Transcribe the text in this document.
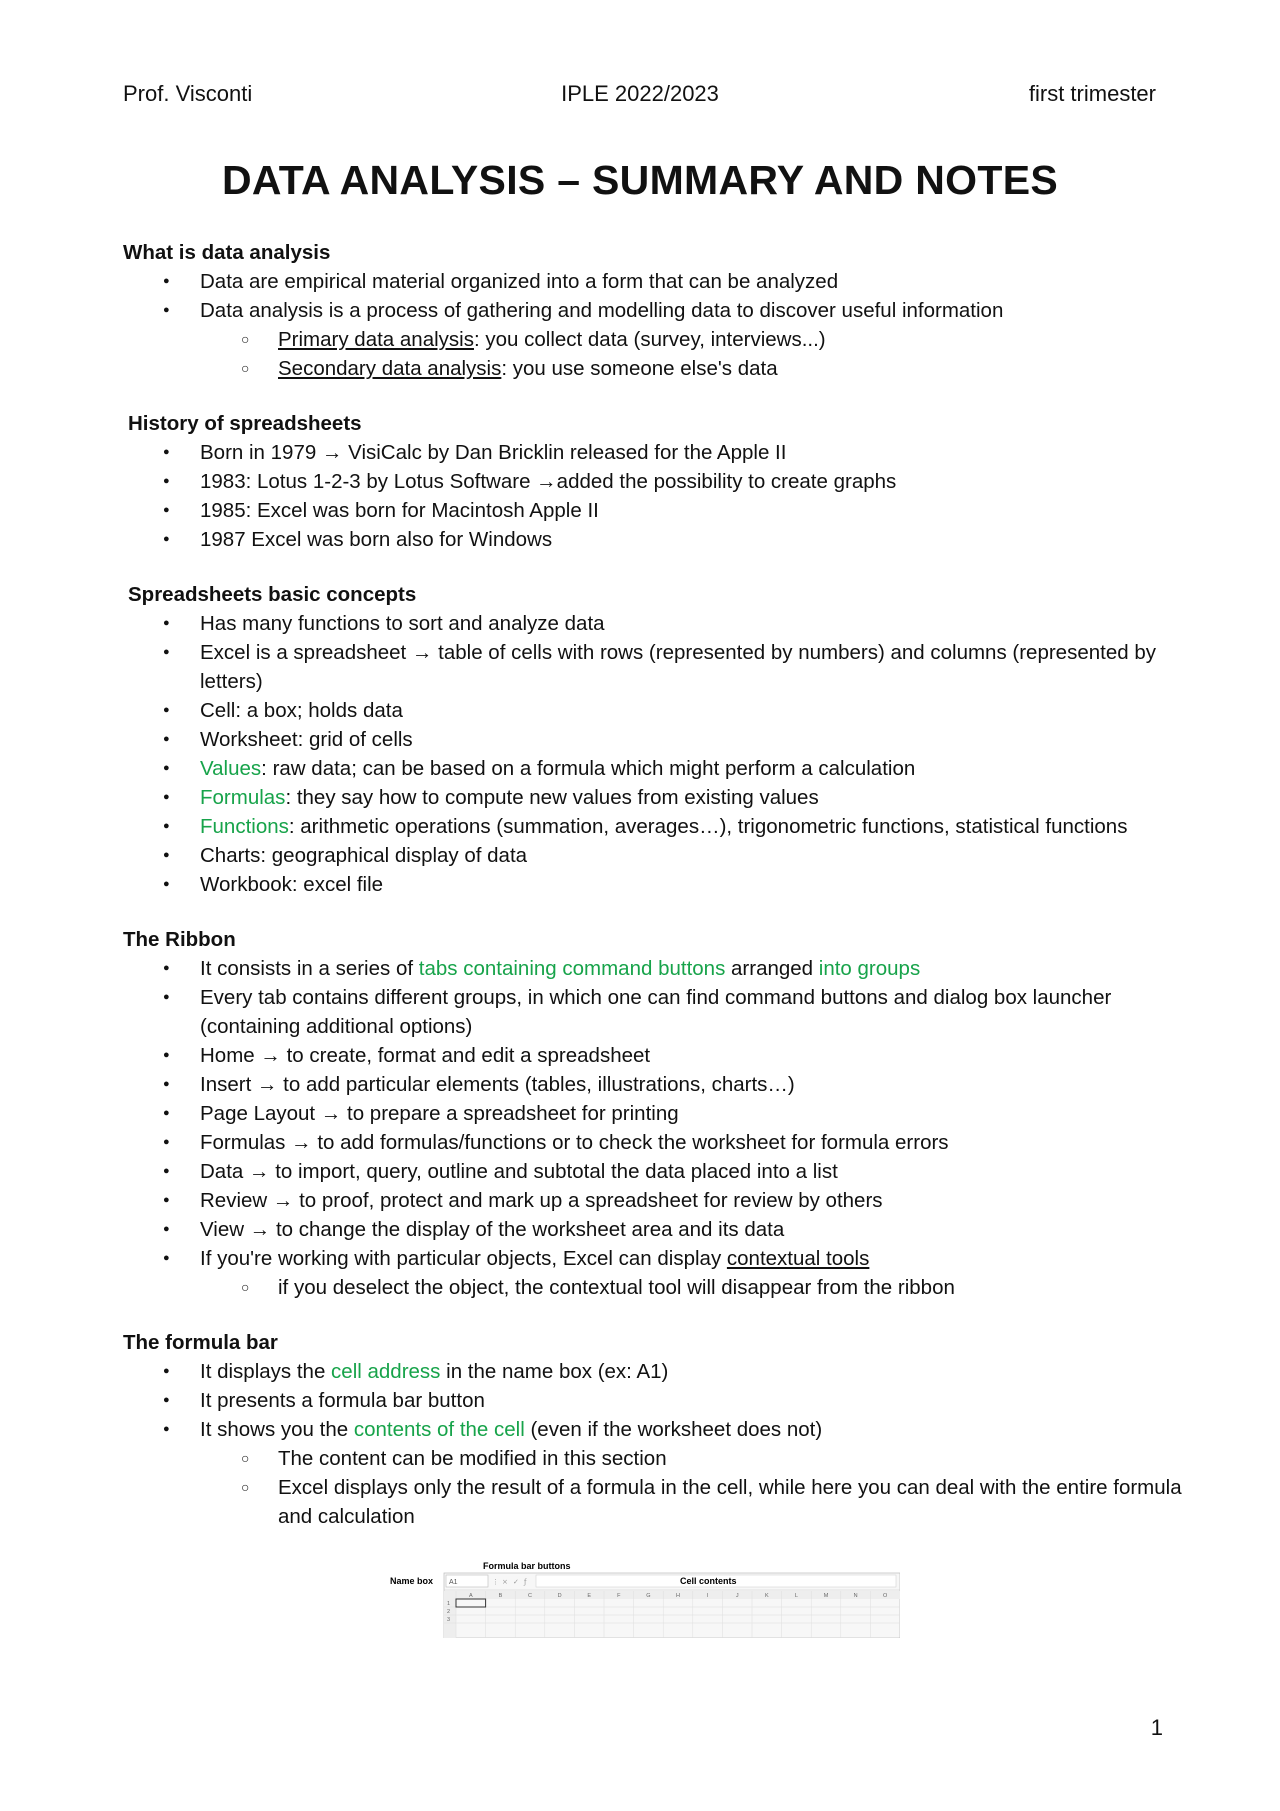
Prof. Visconti	IPLE 2022/2023	first trimester
DATA ANALYSIS – SUMMARY AND NOTES
What is data analysis
● Data are empirical material organized into a form that can be analyzed
● Data analysis is a process of gathering and modelling data to discover useful information
○ Primary data analysis: you collect data (survey, interviews...)
○ Secondary data analysis: you use someone else's data
History of spreadsheets
● Born in 1979 → VisiCalc by Dan Bricklin released for the Apple II
● 1983: Lotus 1-2-3 by Lotus Software →added the possibility to create graphs
● 1985: Excel was born for Macintosh Apple II
● 1987 Excel was born also for Windows
Spreadsheets basic concepts
● Has many functions to sort and analyze data
● Excel is a spreadsheet → table of cells with rows (represented by numbers) and columns (represented by letters)
● Cell: a box; holds data
● Worksheet: grid of cells
● Values: raw data; can be based on a formula which might perform a calculation
● Formulas: they say how to compute new values from existing values
● Functions: arithmetic operations (summation, averages…), trigonometric functions, statistical functions
● Charts: geographical display of data
● Workbook: excel file
The Ribbon
● It consists in a series of tabs containing command buttons arranged into groups
● Every tab contains different groups, in which one can find command buttons and dialog box launcher (containing additional options)
● Home → to create, format and edit a spreadsheet
● Insert → to add particular elements (tables, illustrations, charts…)
● Page Layout → to prepare a spreadsheet for printing
● Formulas → to add formulas/functions or to check the worksheet for formula errors
● Data → to import, query, outline and subtotal the data placed into a list
● Review → to proof, protect and mark up a spreadsheet for review by others
● View → to change the display of the worksheet area and its data
● If you're working with particular objects, Excel can display contextual tools
○ if you deselect the object, the contextual tool will disappear from the ribbon
The formula bar
● It displays the cell address in the name box (ex: A1)
● It presents a formula bar button
● It shows you the contents of the cell (even if the worksheet does not)
○ The content can be modified in this section
○ Excel displays only the result of a formula in the cell, while here you can deal with the entire formula and calculation
Formula bar buttons
Name box A1	⋮ × ✓ ƒ	Cell contents
A	B	C	D	E	F	G	H	I	J	K	L	M	N	O
1
2
3
1
